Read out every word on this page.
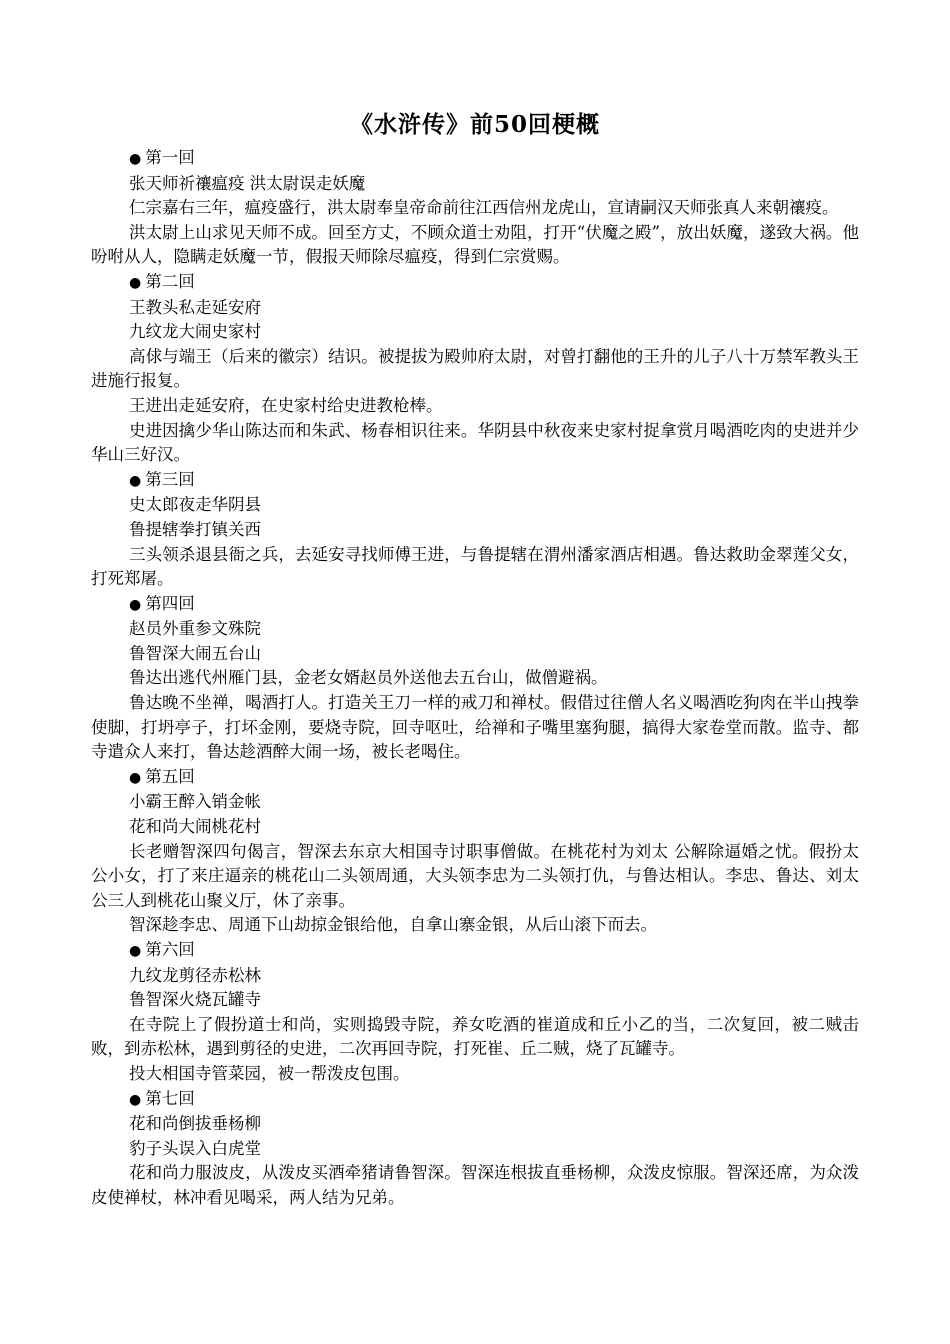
《水浒传》前50回梗概
● 第一回
张天师祈禳瘟疫 洪太尉误走妖魔
仁宗嘉右三年，瘟疫盛行，洪太尉奉皇帝命前往江西信州龙虎山，宣请嗣汉天师张真人来朝禳疫。
洪太尉上山求见天师不成。回至方丈，不顾众道士劝阻，打开“伏魔之殿”，放出妖魔，遂致大祸。他吩咐从人，隐瞒走妖魔一节，假报天师除尽瘟疫，得到仁宗赏赐。
● 第二回
王教头私走延安府
九纹龙大闹史家村
高俅与端王（后来的徽宗）结识。被提拔为殿帅府太尉，对曾打翻他的王升的儿子八十万禁军教头王进施行报复。
王进出走延安府，在史家村给史进教枪棒。
史进因擒少华山陈达而和朱武、杨春相识往来。华阴县中秋夜来史家村捉拿赏月喝酒吃肉的史进并少华山三好汉。
● 第三回
史太郎夜走华阴县
鲁提辖拳打镇关西
三头领杀退县衙之兵，去延安寻找师傅王进，与鲁提辖在渭州潘家酒店相遇。鲁达救助金翠莲父女，打死郑屠。
● 第四回
赵员外重参文殊院
鲁智深大闹五台山
鲁达出逃代州雁门县，金老女婿赵员外送他去五台山，做僧避祸。
鲁达晚不坐禅，喝酒打人。打造关王刀一样的戒刀和禅杖。假借过往僧人名义喝酒吃狗肉在半山拽拳使脚，打坍亭子，打坏金刚，要烧寺院，回寺呕吐，给禅和子嘴里塞狗腿，搞得大家卷堂而散。监寺、都寺遣众人来打，鲁达趁酒醉大闹一场，被长老喝住。
● 第五回
小霸王醉入销金帐
花和尚大闹桃花村
长老赠智深四句偈言，智深去东京大相国寺讨职事僧做。在桃花村为刘太 公解除逼婚之忧。假扮太公小女，打了来庄逼亲的桃花山二头领周通，大头领李忠为二头领打仇，与鲁达相认。李忠、鲁达、刘太公三人到桃花山聚义厅，休了亲事。
智深趁李忠、周通下山劫掠金银给他，自拿山寨金银，从后山滚下而去。
● 第六回
九纹龙剪径赤松林
鲁智深火烧瓦罐寺
在寺院上了假扮道士和尚，实则捣毁寺院，养女吃酒的崔道成和丘小乙的当，二次复回，被二贼击败，到赤松林，遇到剪径的史进，二次再回寺院，打死崔、丘二贼，烧了瓦罐寺。
投大相国寺管菜园，被一帮泼皮包围。
● 第七回
花和尚倒拔垂杨柳
豹子头误入白虎堂
花和尚力服波皮，从泼皮买酒牵猪请鲁智深。智深连根拔直垂杨柳，众泼皮惊服。智深还席，为众泼皮使禅杖，林冲看见喝采，两人结为兄弟。
